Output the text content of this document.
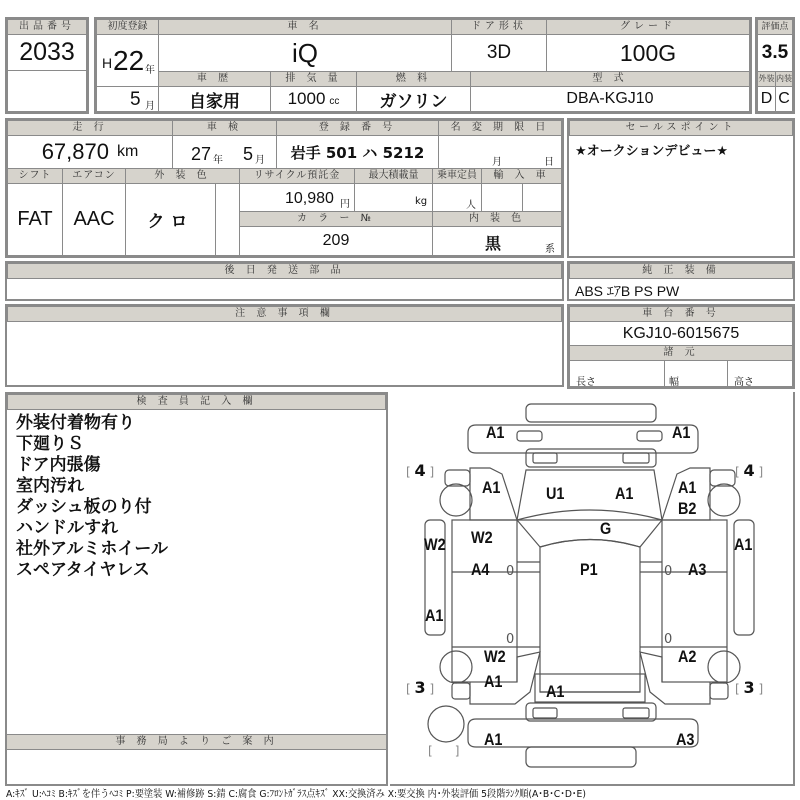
出品番号
2033
初度登録
H 22 年
5 月
車 名
iQ
ドア形状
3D
グレード
100G
車 歴
自家用
排 気 量
1000 cc
燃 料
ガソリン
型 式
DBA-KGJ10
評価点
3.5
外装 内装
D C
走 行
67,870 km
車 検
27 年 5 月
登 録 番 号
岩手 501 ハ 5212
名 変 期 限 日
月	日
シフト
FAT
エアコン
AAC
外 装 色
クロ
リサイクル預託金
10,980 円
最大積載量
kg
乗車定員
人
輸 入 車
カ ラ ー №
209
内 装 色
黒	系
セールスポイント
★オークションデビュー★
後 日 発 送 部 品	純 正 装 備
ABS ｴｱB PS PW
注 意 事 項 欄	車 台 番 号
KGJ10-6015675
諸 元
長さ	幅	高さ
検 査 員 記 入 欄
外装付着物有り
下廻りＳ
ドア内張傷
室内汚れ
ダッシュ板のり付
ハンドルすれ
社外アルミホイール
スペアタイヤレス
事 務 局 よ り ご 案 内
A1	A1
A1	U1	A1	A1
B2
G
P1
W2 W2
A4
A1
A3
A1
W2
A1
A2
A1
A1	A3
0
0
0
0
[ 4 ]	[ 4 ]
[ 3 ]	[ 3 ]
[ ]
A:ｷｽﾞ U:ﾍｺﾐ B:ｷｽﾞを伴うﾍｺﾐ P:要塗装 W:補修跡 S:錆 C:腐食 G:ﾌﾛﾝﾄｶﾞﾗｽ点ｷｽﾞ XX:交換済み X:要交換 内･外装評価 5段階ﾗﾝｸ順(A･B･C･D･E)
